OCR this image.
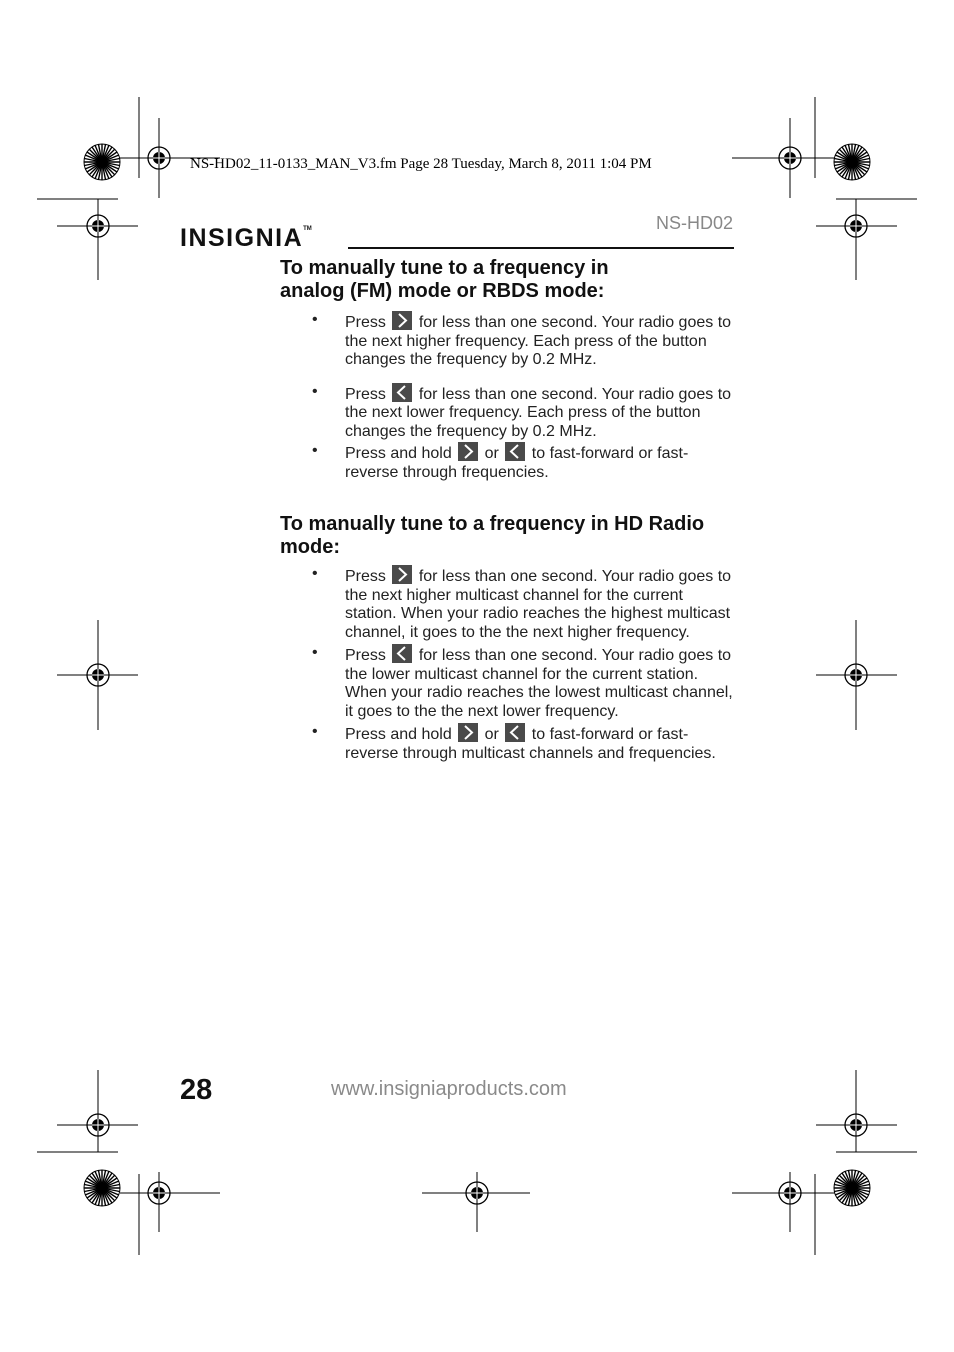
NS-HD02_11-0133_MAN_V3.fm Page 28 Tuesday, March 8, 2011 1:04 PM
INSIGNIA™	NS-HD02
To manually tune to a frequency in analog (FM) mode or RBDS mode:
• Press
for less than one second. Your radio goes to the next higher frequency. Each press of the button changes the frequency by 0.2 MHz.
• Press for less than one second. Your radio goes to the next lower frequency. Each press of the button changes the frequency by 0.2 MHz.
• Press and hold or to fast-forward or fast-reverse through frequencies.
To manually tune to a frequency in HD Radio mode:
• Press for less than one second. Your radio goes to the next higher multicast channel for the current station. When your radio reaches the highest multicast channel, it goes to the the next higher frequency.
• Press for less than one second. Your radio goes to the lower multicast channel for the current station. When your radio reaches the lowest multicast channel, it goes to the the next lower frequency.
• Press and hold or to fast-forward or fast-reverse through multicast channels and frequencies.
28	www.insigniaproducts.com
